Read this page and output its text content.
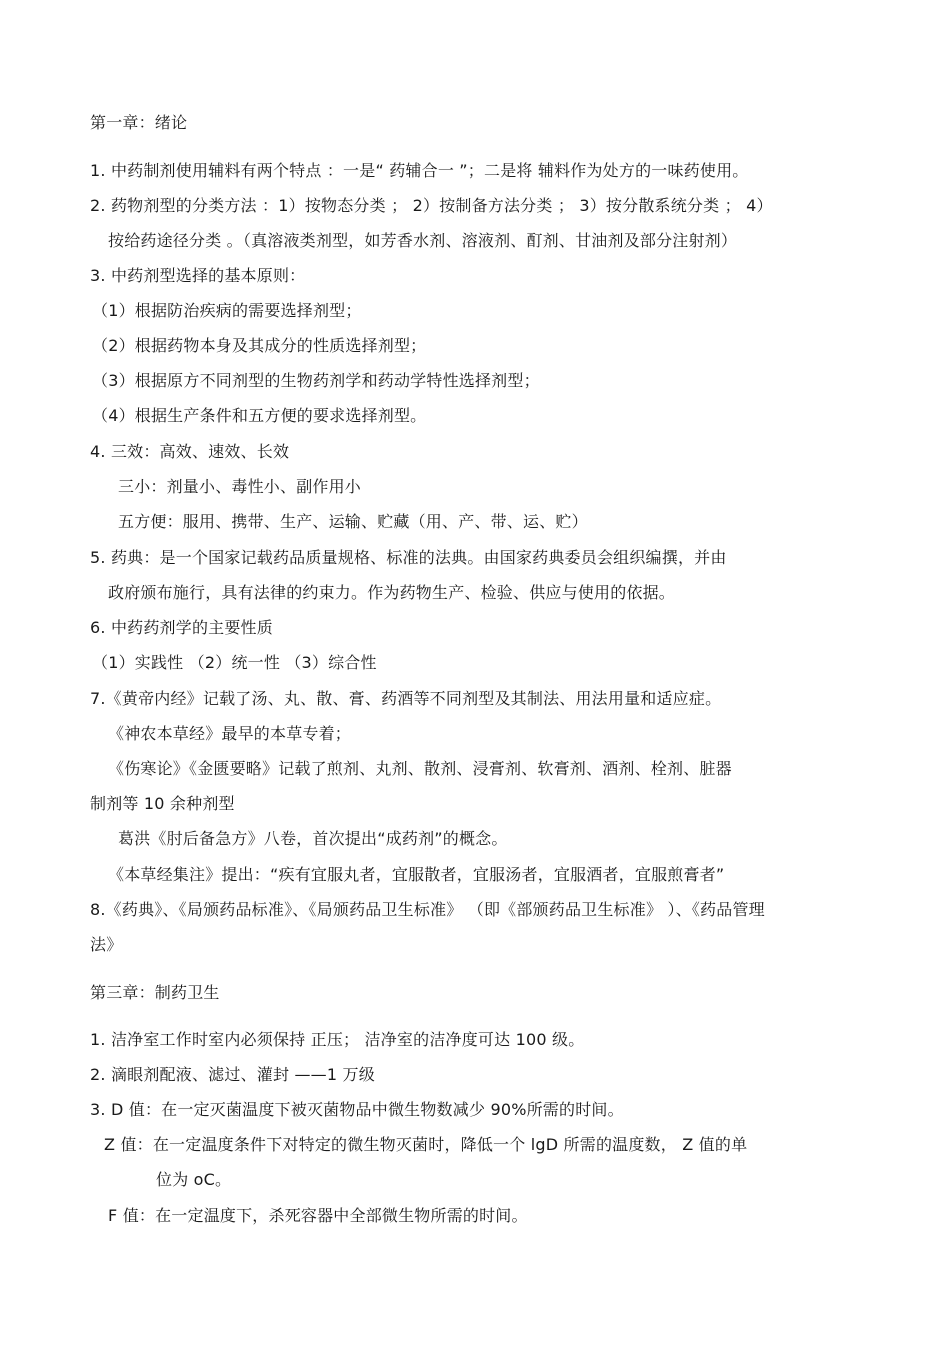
第一章：绪论
1. 中药制剂使用辅料有两个特点 ：一是“ 药辅合一 ”；二是将 辅料作为处方的一味药使用。
2. 药物剂型的分类方法 ：1）按物态分类 ； 2）按制备方法分类 ； 3）按分散系统分类 ； 4）
按给药途径分类 。（真溶液类剂型，如芳香水剂、溶液剂、酊剂、甘油剂及部分注射剂）
3. 中药剂型选择的基本原则：
（1）根据防治疾病的需要选择剂型；
（2）根据药物本身及其成分的性质选择剂型；
（3）根据原方不同剂型的生物药剂学和药动学特性选择剂型；
（4）根据生产条件和五方便的要求选择剂型。
4. 三效：高效、速效、长效
三小：剂量小、毒性小、副作用小
五方便：服用、携带、生产、运输、贮藏（用、产、带、运、贮）
5. 药典：是一个国家记载药品质量规格、标准的法典。由国家药典委员会组织编撰，并由
政府颁布施行，具有法律的约束力。作为药物生产、检验、供应与使用的依据。
6. 中药药剂学的主要性质
（1）实践性 （2）统一性 （3）综合性
7.《黄帝内经》记载了汤、丸、散、膏、药酒等不同剂型及其制法、用法用量和适应症。
《神农本草经》最早的本草专着；
《伤寒论》《金匮要略》记载了煎剂、丸剂、散剂、浸膏剂、软膏剂、酒剂、栓剂、脏器
制剂等 10 余种剂型
葛洪《肘后备急方》八卷，首次提出“成药剂”的概念。
《本草经集注》提出：“疾有宜服丸者，宜服散者，宜服汤者，宜服酒者，宜服煎膏者”
8.《药典》、《局颁药品标准》、《局颁药品卫生标准》 （即《部颁药品卫生标准》 ）、《药品管理
法》
第三章：制药卫生
1. 洁净室工作时室内必须保持 正压； 洁净室的洁净度可达 100 级。
2. 滴眼剂配液、滤过、灌封 ——1 万级
3. D 值：在一定灭菌温度下被灭菌物品中微生物数减少 90%所需的时间。
Z 值：在一定温度条件下对特定的微生物灭菌时，降低一个 lgD 所需的温度数， Z 值的单
位为 oC。
F 值：在一定温度下，杀死容器中全部微生物所需的时间。
